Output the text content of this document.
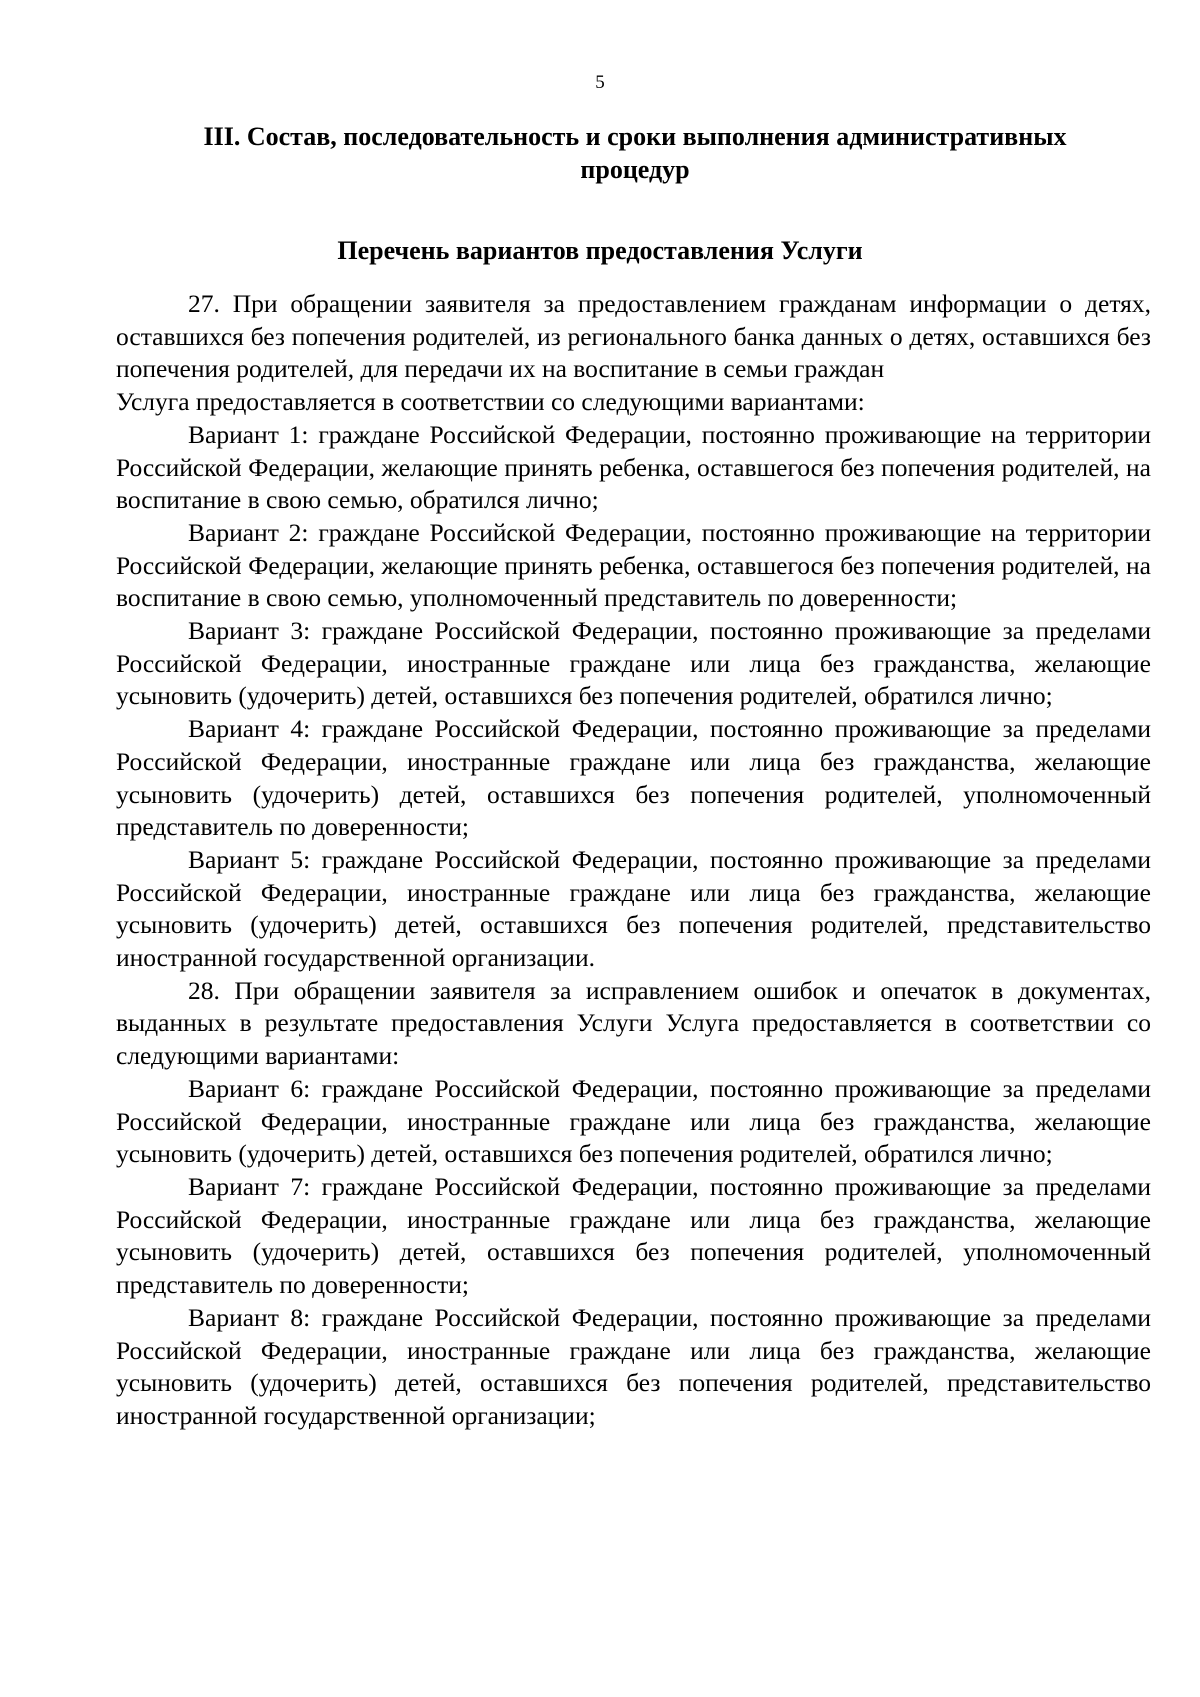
5
III. Состав, последовательность и сроки выполнения административных процедур
Перечень вариантов предоставления Услуги

27. При обращении заявителя за предоставлением гражданам информации о детях, оставшихся без попечения родителей, из регионального банка данных о детях, оставшихся без попечения родителей, для передачи их на воспитание в семьи граждан

Услуга предоставляется в соответствии со следующими вариантами:

Вариант 1: граждане Российской Федерации, постоянно проживающие на территории Российской Федерации, желающие принять ребенка, оставшегося без попечения родителей, на воспитание в свою семью, обратился лично;

Вариант 2: граждане Российской Федерации, постоянно проживающие на территории Российской Федерации, желающие принять ребенка, оставшегося без попечения родителей, на воспитание в свою семью, уполномоченный представитель по доверенности;

Вариант 3: граждане Российской Федерации, постоянно проживающие за пределами Российской Федерации, иностранные граждане или лица без гражданства, желающие усыновить (удочерить) детей, оставшихся без попечения родителей, обратился лично;

Вариант 4: граждане Российской Федерации, постоянно проживающие за пределами Российской Федерации, иностранные граждане или лица без гражданства, желающие усыновить (удочерить) детей, оставшихся без попечения родителей, уполномоченный представитель по доверенности;

Вариант 5: граждане Российской Федерации, постоянно проживающие за пределами Российской Федерации, иностранные граждане или лица без гражданства, желающие усыновить (удочерить) детей, оставшихся без попечения родителей, представительство иностранной государственной организации.

28. При обращении заявителя за исправлением ошибок и опечаток в документах, выданных в результате предоставления Услуги Услуга предоставляется в соответствии со следующими вариантами:

Вариант 6: граждане Российской Федерации, постоянно проживающие за пределами Российской Федерации, иностранные граждане или лица без гражданства, желающие усыновить (удочерить) детей, оставшихся без попечения родителей, обратился лично;

Вариант 7: граждане Российской Федерации, постоянно проживающие за пределами Российской Федерации, иностранные граждане или лица без гражданства, желающие усыновить (удочерить) детей, оставшихся без попечения родителей, уполномоченный представитель по доверенности;

Вариант 8: граждане Российской Федерации, постоянно проживающие за пределами Российской Федерации, иностранные граждане или лица без гражданства, желающие усыновить (удочерить) детей, оставшихся без попечения родителей, представительство иностранной государственной организации;
